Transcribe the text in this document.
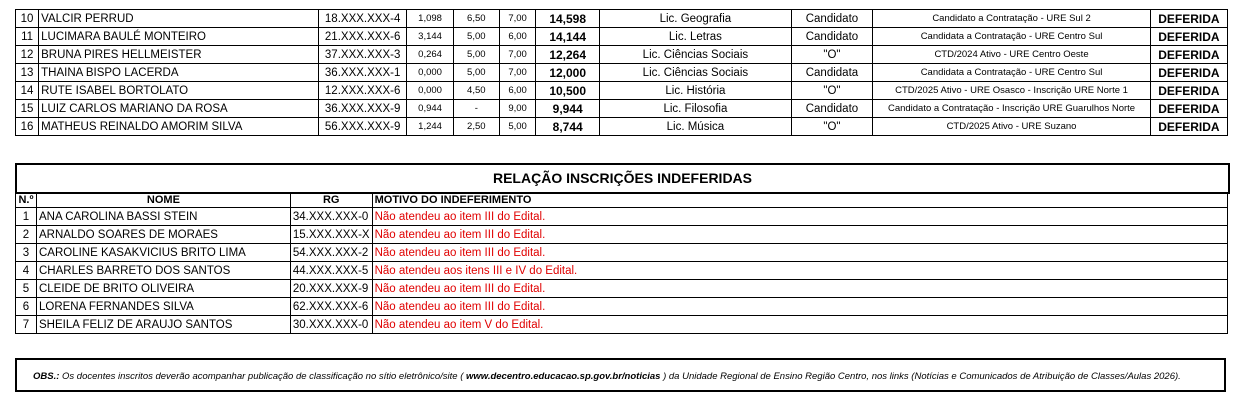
10	VALCIR PERRUD	18.XXX.XXX-4	1,098	6,50	7,00	14,598	Lic. Geografia	Candidato	Candidato a Contratação - URE Sul 2	DEFERIDA
11	LUCIMARA BAULÉ MONTEIRO	21.XXX.XXX-6	3,144	5,00	6,00	14,144	Lic. Letras	Candidato	Candidata a Contratação - URE Centro Sul	DEFERIDA
12	BRUNA PIRES HELLMEISTER	37.XXX.XXX-3	0,264	5,00	7,00	12,264	Lic. Ciências Sociais	"O"	CTD/2024 Ativo - URE Centro Oeste	DEFERIDA
13	THAINA BISPO LACERDA	36.XXX.XXX-1	0,000	5,00	7,00	12,000	Lic. Ciências Sociais	Candidata	Candidata a Contratação - URE Centro Sul	DEFERIDA
14	RUTE ISABEL BORTOLATO	12.XXX.XXX-6	0,000	4,50	6,00	10,500	Lic. História	"O"	CTD/2025 Ativo - URE Osasco - Inscrição URE Norte 1	DEFERIDA
15	LUIZ CARLOS MARIANO DA ROSA	36.XXX.XXX-9	0,944	-	9,00	9,944	Lic. Filosofia	Candidato	Candidato a Contratação - Inscrição URE Guarulhos Norte	DEFERIDA
16	MATHEUS REINALDO AMORIM SILVA	56.XXX.XXX-9	1,244	2,50	5,00	8,744	Lic. Música	"O"	CTD/2025 Ativo - URE Suzano	DEFERIDA
RELAÇÃO INSCRIÇÕES INDEFERIDAS
N.º	NOME	RG	MOTIVO DO INDEFERIMENTO
1	ANA CAROLINA BASSI STEIN	34.XXX.XXX-0	Não atendeu ao item III do Edital.
2	ARNALDO SOARES DE MORAES	15.XXX.XXX-X	Não atendeu ao item III do Edital.
3	CAROLINE KASAKVICIUS BRITO LIMA	54.XXX.XXX-2	Não atendeu ao item III do Edital.
4	CHARLES BARRETO DOS SANTOS	44.XXX.XXX-5	Não atendeu aos itens III e IV do Edital.
5	CLEIDE DE BRITO OLIVEIRA	20.XXX.XXX-9	Não atendeu ao item III do Edital.
6	LORENA FERNANDES SILVA	62.XXX.XXX-6	Não atendeu ao item III do Edital.
7	SHEILA FELIZ DE ARAUJO SANTOS	30.XXX.XXX-0	Não atendeu ao item V do Edital.
OBS.: Os docentes inscritos deverão acompanhar publicação de classificação no sítio eletrônico/site ( www.decentro.educacao.sp.gov.br/noticias ) da Unidade Regional de Ensino Região Centro, nos links (Notícias e Comunicados de Atribuição de Classes/Aulas 2026).
